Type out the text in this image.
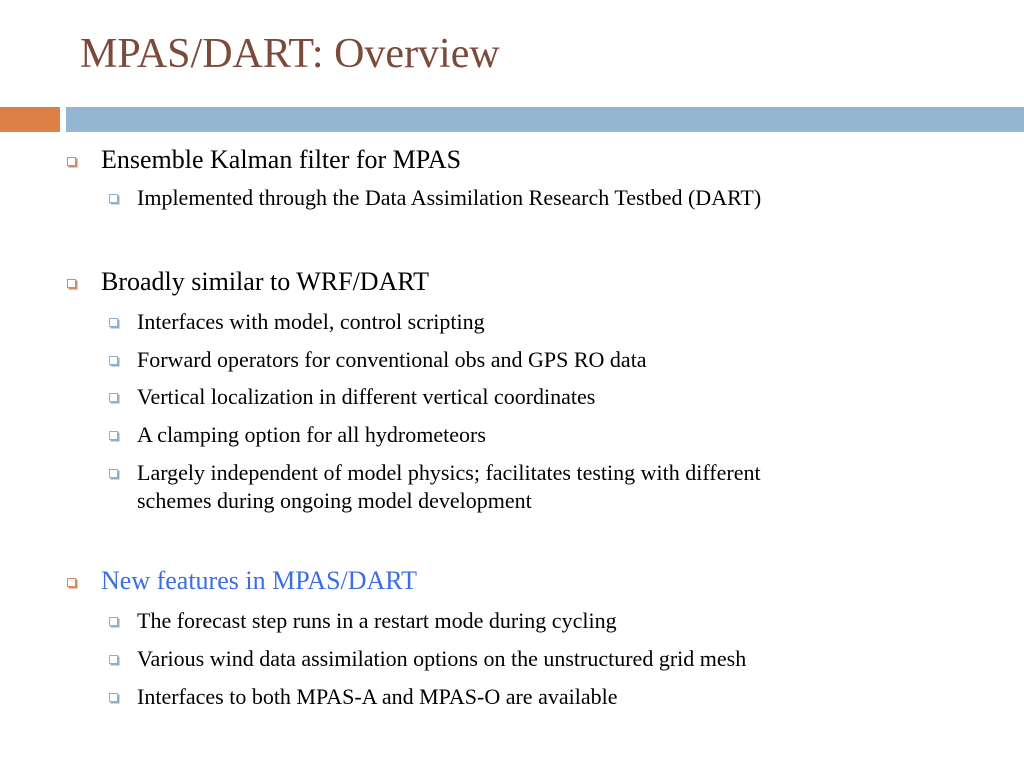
MPAS/DART: Overview
Ensemble Kalman filter for MPAS
Implemented through the Data Assimilation Research Testbed (DART)
Broadly similar to WRF/DART
Interfaces with model, control scripting
Forward operators for conventional obs and GPS RO data
Vertical localization in different vertical coordinates
A clamping option for all hydrometeors
Largely independent of model physics; facilitates testing with different
schemes during ongoing model development
New features in MPAS/DART
The forecast step runs in a restart mode during cycling
Various wind data assimilation options on the unstructured grid mesh
Interfaces to both MPAS-A and MPAS-O are available
